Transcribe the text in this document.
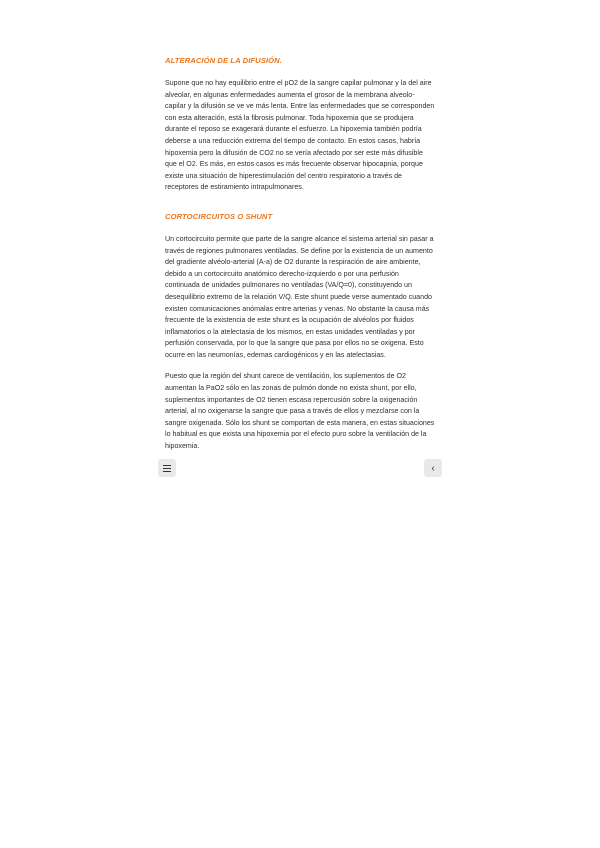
ALTERACIÓN DE LA DIFUSIÓN.

Supone que no hay equilibrio entre el pO2 de la sangre capilar pulmonar y la del aire alveolar, en algunas enfermedades aumenta el grosor de la membrana alveolo-capilar y la difusión se ve ve más lenta. Entre las enfermedades que se corresponden con esta alteración, está la fibrosis pulmonar. Toda hipoxemia que se produjera durante el reposo se exagerará durante el esfuerzo. La hipoxemia también podría deberse a una reducción extrema del tiempo de contacto. En estos casos, habría hipoxemia pero la difusión de CO2 no se vería afectado por ser este más difusible que el O2. Es más, en estos casos es más frecuente observar hipocapnia, porque existe una situación de hiperestimulación del centro respiratorio a través de receptores de estiramiento intrapulmonares.

CORTOCIRCUITOS O SHUNT

Un cortocircuito permite que parte de la sangre alcance el sistema arterial sin pasar a través de regiones pulmonares ventiladas. Se define por la existencia de un aumento del gradiente alvéolo-arterial (A-a) de O2 durante la respiración de aire ambiente, debido a un cortocircuito anatómico derecho-izquierdo o por una perfusión continuada de unidades pulmonares no ventiladas (VA/Q=0), constituyendo un desequilibrio extremo de la relación V/Q. Este shunt puede verse aumentado cuando existen comunicaciones anómalas entre arterias y venas. No obstante la causa más frecuente de la existencia de este shunt es la ocupación de alvéolos por fluidos inflamatorios o la atelectasia de los mismos, en estas unidades ventiladas y por perfusión conservada, por lo que la sangre que pasa por ellos no se oxigena. Esto ocurre en las neumonías, edemas cardiogénicos y en las atelectasias.

Puesto que la región del shunt carece de ventilación, los suplementos de O2 aumentan la PaO2 sólo en las zonas de pulmón donde no exista shunt, por ello, suplementos importantes de O2 tienen escasa repercusión sobre la oxigenación arterial, al no oxigenarse la sangre que pasa a través de ellos y mezclarse con la sangre oxigenada. Sólo los shunt se comportan de esta manera, en estas situaciones lo habitual es que exista una hipoxemia por el efecto puro sobre la ventilación de la hipoxemia.

‹
